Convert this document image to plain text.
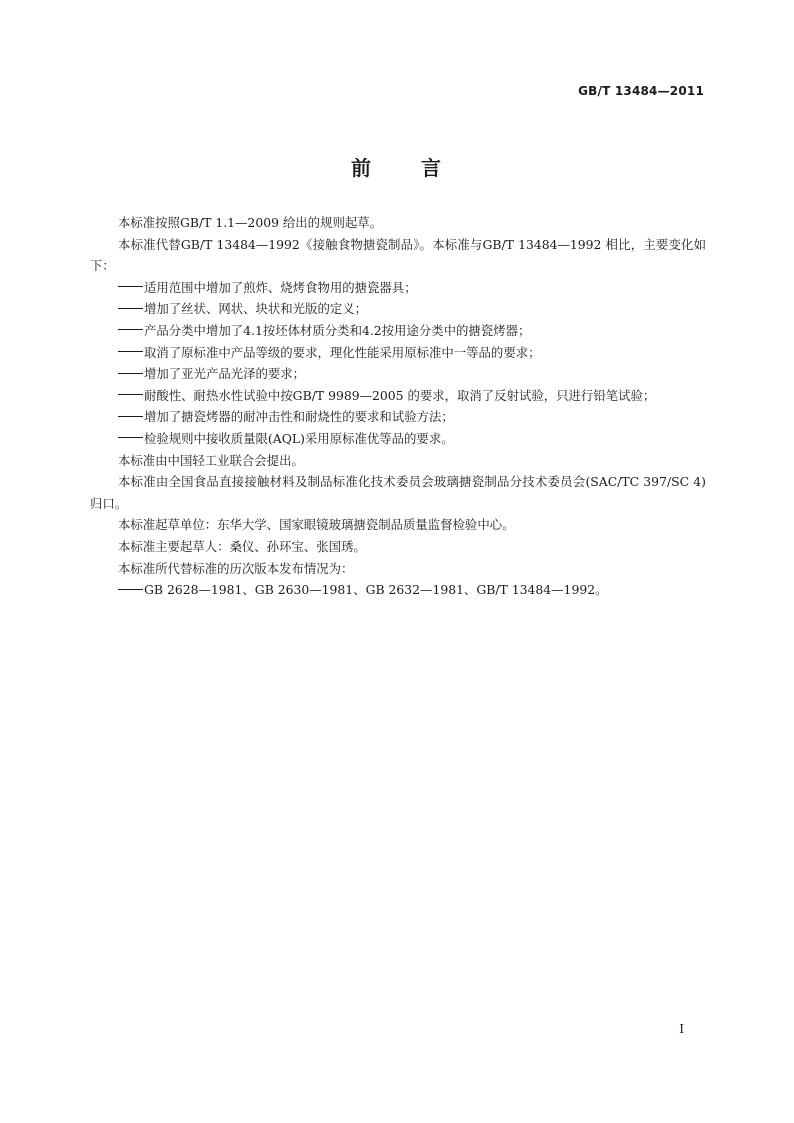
GB/T 13484—2011
前 言

本标准按照GB/T 1.1—2009 给出的规则起草。

本标准代替GB/T 13484—1992《接触食物搪瓷制品》。本标准与GB/T 13484—1992 相比，主要变化如下：

适用范围中增加了煎炸、烧烤食物用的搪瓷器具；

增加了丝状、网状、块状和光版的定义；

产品分类中增加了4.1按坯体材质分类和4.2按用途分类中的搪瓷烤器；

取消了原标准中产品等级的要求，理化性能采用原标准中一等品的要求；

增加了亚光产品光泽的要求；

耐酸性、耐热水性试验中按GB/T 9989—2005 的要求，取消了反射试验，只进行铅笔试验；

增加了搪瓷烤器的耐冲击性和耐烧性的要求和试验方法；

检验规则中接收质量限(AQL)采用原标准优等品的要求。

本标准由中国轻工业联合会提出。

本标准由全国食品直接接触材料及制品标准化技术委员会玻璃搪瓷制品分技术委员会(SAC/TC 397/SC 4)归口。

本标准起草单位：东华大学、国家眼镜玻璃搪瓷制品质量监督检验中心。

本标准主要起草人：桑仪、孙环宝、张国琇。

本标准所代替标准的历次版本发布情况为：

GB 2628—1981、GB 2630—1981、GB 2632—1981、GB/T 13484—1992。

I
